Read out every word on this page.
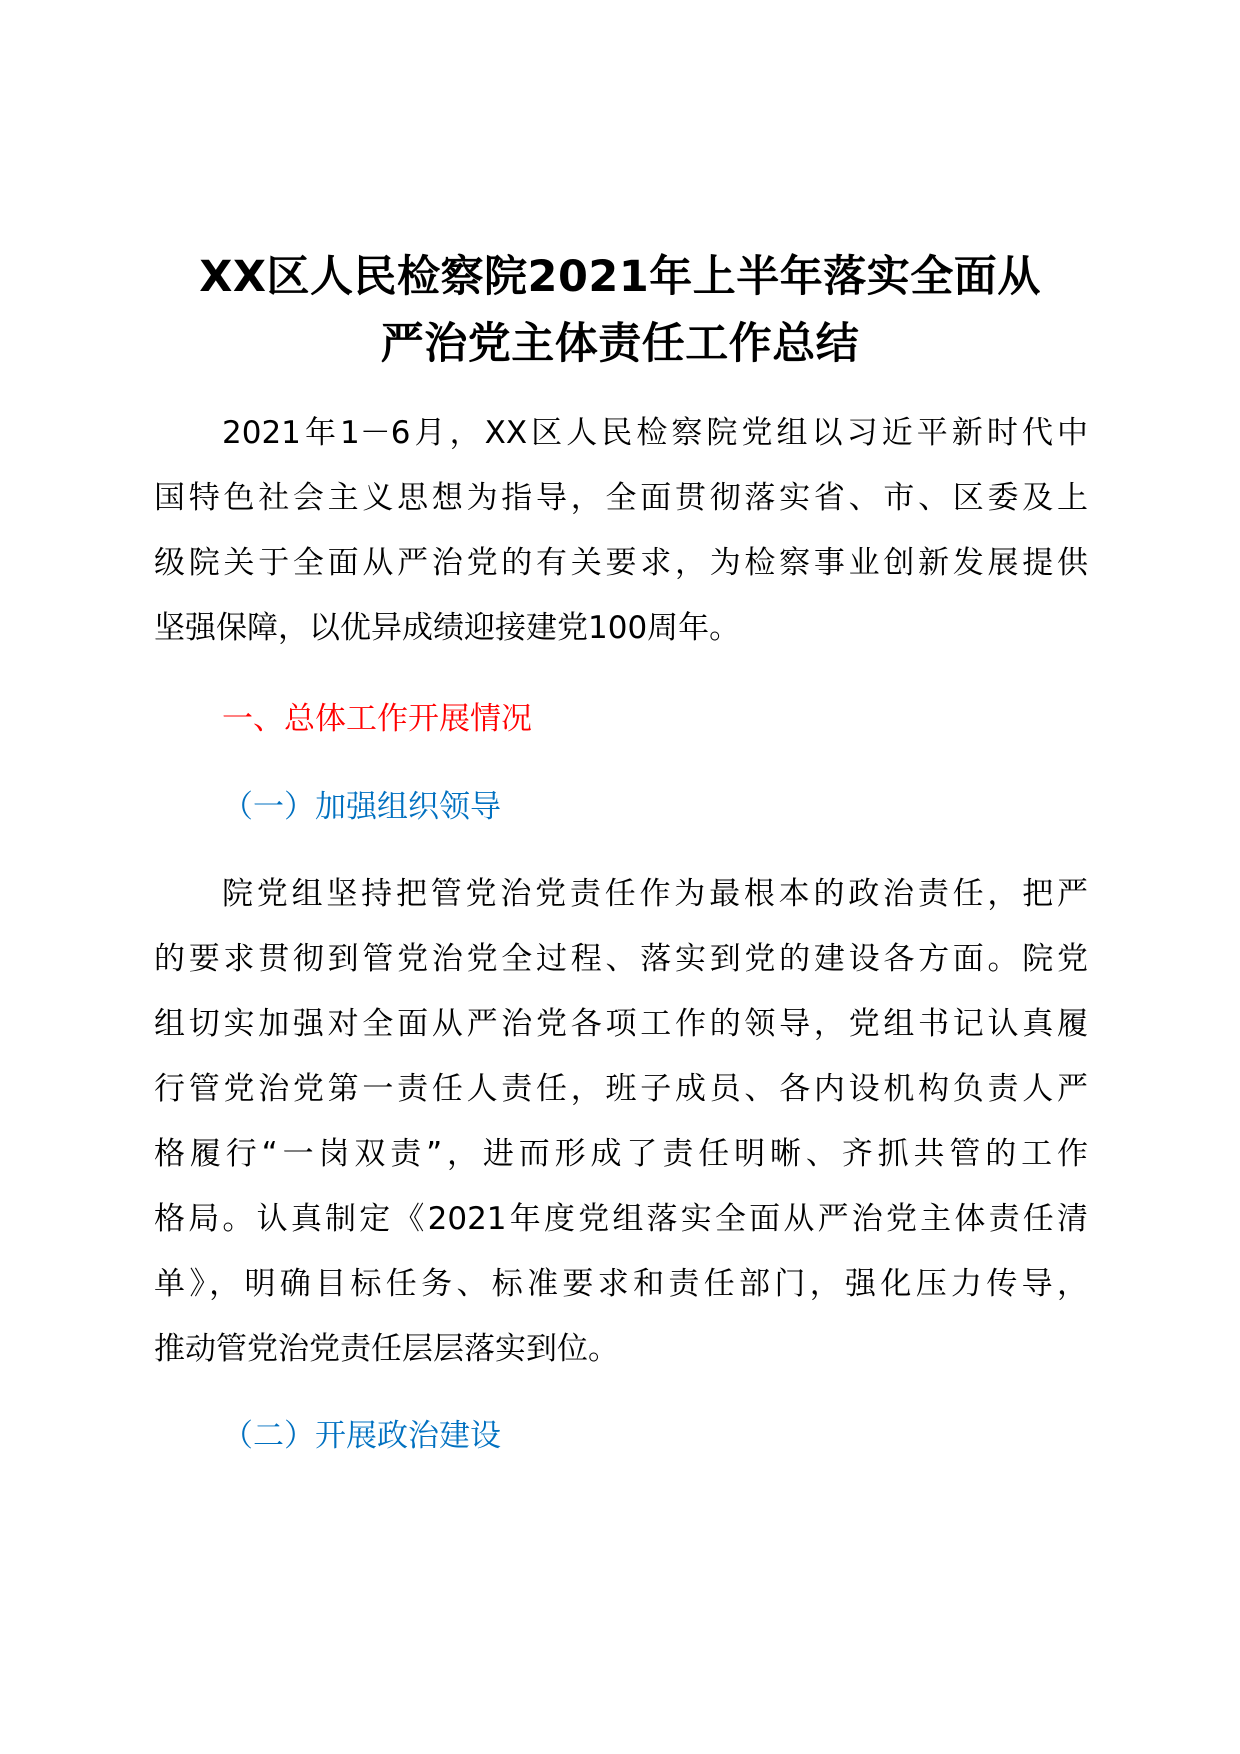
XX区人民检察院2021年上半年落实全面从
严治党主体责任工作总结
2021年1－6月，XX区人民检察院党组以习近平新时代中
国特色社会主义思想为指导，全面贯彻落实省、市、区委及上
级院关于全面从严治党的有关要求，为检察事业创新发展提供
坚强保障，以优异成绩迎接建党100周年。
一、总体工作开展情况
（一）加强组织领导
院党组坚持把管党治党责任作为最根本的政治责任，把严
的要求贯彻到管党治党全过程、落实到党的建设各方面。院党
组切实加强对全面从严治党各项工作的领导，党组书记认真履
行管党治党第一责任人责任，班子成员、各内设机构负责人严
格履行“一岗双责”，进而形成了责任明晰、齐抓共管的工作
格局。认真制定《2021年度党组落实全面从严治党主体责任清
单》，明确目标任务、标准要求和责任部门，强化压力传导，
推动管党治党责任层层落实到位。
（二）开展政治建设
